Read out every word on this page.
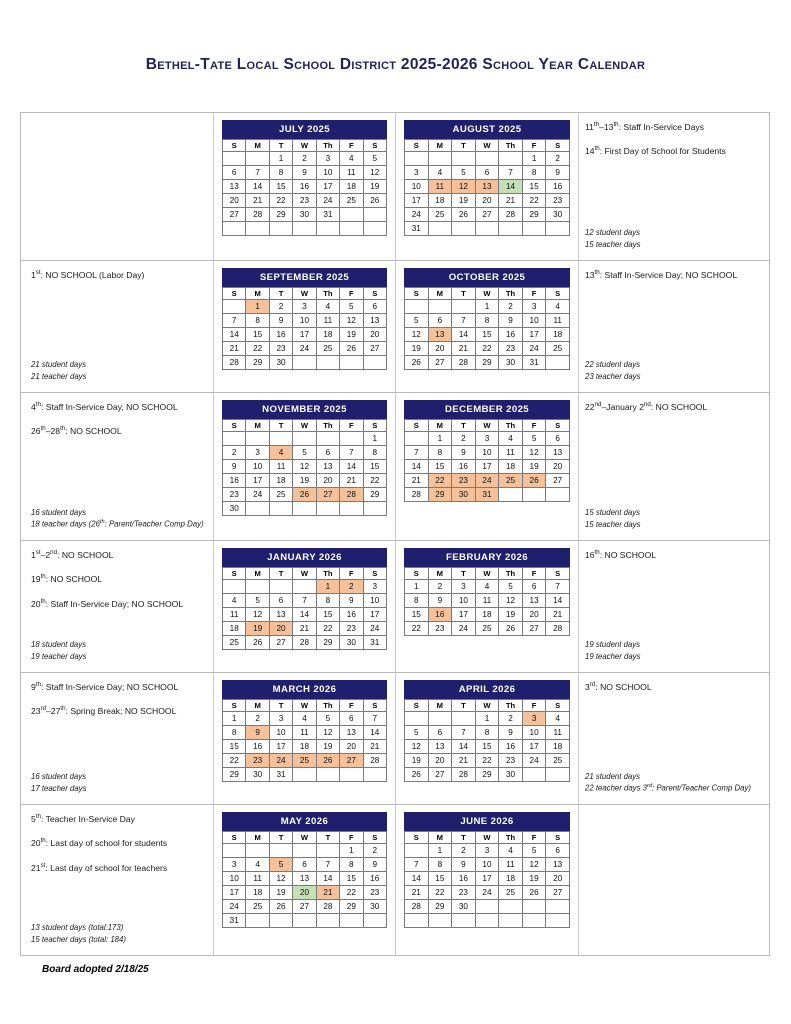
Bethel-Tate Local School District 2025-2026 School Year Calendar
JULY 2025
S	M	T	W	Th	F	S
		1	2	3	4	5
6	7	8	9	10	11	12
13	14	15	16	17	18	19
20	21	22	23	24	25	26
27	28	29	30	31		

AUGUST 2025
S	M	T	W	Th	F	S
					1	2
3	4	5	6	7	8	9
10	11	12	13	14	15	16
17	18	19	20	21	22	23
24	25	26	27	28	29	30
31						
11th–13th: Staff In-Service Days
14th: First Day of School for Students
12 student days
15 teacher days
1st: NO SCHOOL (Labor Day)
21 student days
21 teacher days
SEPTEMBER 2025
S	M	T	W	Th	F	S
	1	2	3	4	5	6
7	8	9	10	11	12	13
14	15	16	17	18	19	20
21	22	23	24	25	26	27
28	29	30				
OCTOBER 2025
S	M	T	W	Th	F	S
			1	2	3	4
5	6	7	8	9	10	11
12	13	14	15	16	17	18
19	20	21	22	23	24	25
26	27	28	29	30	31	
13th: Staff In-Service Day; NO SCHOOL
22 student days
23 teacher days
4th: Staff In-Service Day, NO SCHOOL
26th–28th: NO SCHOOL
16 student days
18 teacher days (26th: Parent/Teacher Comp Day)
NOVEMBER 2025
S	M	T	W	Th	F	S
						1
2	3	4	5	6	7	8
9	10	11	12	13	14	15
16	17	18	19	20	21	22
23	24	25	26	27	28	29
30						
DECEMBER 2025
S	M	T	W	Th	F	S
	1	2	3	4	5	6
7	8	9	10	11	12	13
14	15	16	17	18	19	20
21	22	23	24	25	26	27
28	29	30	31			
22nd–January 2nd: NO SCHOOL
15 student days
15 teacher days
1st–2nd: NO SCHOOL
19th: NO SCHOOL
20th: Staff In-Service Day; NO SCHOOL
18 student days
19 teacher days
JANUARY 2026
S	M	T	W	Th	F	S
				1	2	3
4	5	6	7	8	9	10
11	12	13	14	15	16	17
18	19	20	21	22	23	24
25	26	27	28	29	30	31
FEBRUARY 2026
S	M	T	W	Th	F	S
1	2	3	4	5	6	7
8	9	10	11	12	13	14
15	16	17	18	19	20	21
22	23	24	25	26	27	28
16th: NO SCHOOL
19 student days
19 teacher days
9th: Staff In-Service Day; NO SCHOOL
23rd–27th: Spring Break; NO SCHOOL
16 student days
17 teacher days
MARCH 2026
S	M	T	W	Th	F	S
1	2	3	4	5	6	7
8	9	10	11	12	13	14
15	16	17	18	19	20	21
22	23	24	25	26	27	28
29	30	31				
APRIL 2026
S	M	T	W	Th	F	S
			1	2	3	4
5	6	7	8	9	10	11
12	13	14	15	16	17	18
19	20	21	22	23	24	25
26	27	28	29	30		
3rd: NO SCHOOL
21 student days
22 teacher days 3rd: Parent/Teacher Comp Day)
5th: Teacher In-Service Day
20th: Last day of school for students
21st: Last day of school for teachers
13 student days (total:173)
15 teacher days (total: 184)
MAY 2026
S	M	T	W	T	F	S
					1	2
3	4	5	6	7	8	9
10	11	12	13	14	15	16
17	18	19	20	21	22	23
24	25	26	27	28	29	30
31						
JUNE 2026
S	M	T	W	Th	F	S
	1	2	3	4	5	6
7	8	9	10	11	12	13
14	15	16	17	18	19	20
21	22	23	24	25	26	27
28	29	30				

Board adopted 2/18/25
